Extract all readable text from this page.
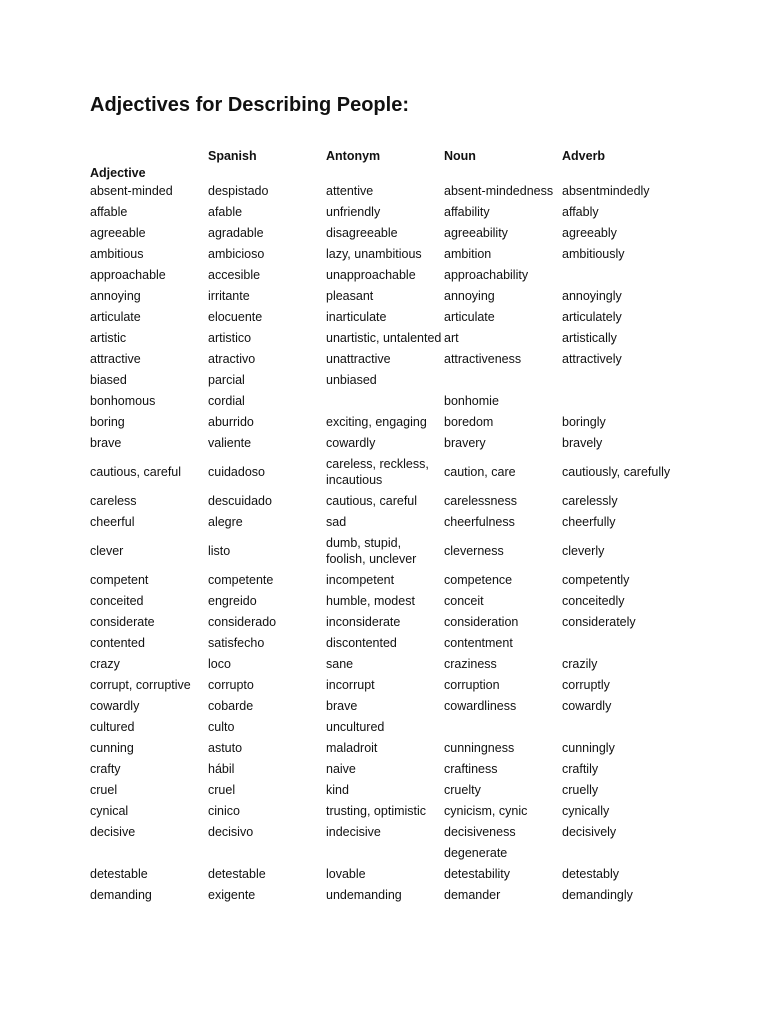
Adjectives for Describing People:
Adjective	Spanish	Antonym	Noun	Adverb
absent-minded	despistado	attentive	absent-mindedness	absentmindedly
affable	afable	unfriendly	affability	affably
agreeable	agradable	disagreeable	agreeability	agreeably
ambitious	ambicioso	lazy, unambitious	ambition	ambitiously
approachable	accesible	unapproachable	approachability	
annoying	irritante	pleasant	annoying	annoyingly
articulate	elocuente	inarticulate	articulate	articulately
artistic	artistico	unartistic, untalented	art	artistically
attractive	atractivo	unattractive	attractiveness	attractively
biased	parcial	unbiased		
bonhomous	cordial		bonhomie	
boring	aburrido	exciting, engaging	boredom	boringly
brave	valiente	cowardly	bravery	bravely
cautious, careful	cuidadoso	careless, reckless, incautious	caution, care	cautiously, carefully
careless	descuidado	cautious, careful	carelessness	carelessly
cheerful	alegre	sad	cheerfulness	cheerfully
clever	listo	dumb, stupid, foolish, unclever	cleverness	cleverly
competent	competente	incompetent	competence	competently
conceited	engreido	humble, modest	conceit	conceitedly
considerate	considerado	inconsiderate	consideration	considerately
contented	satisfecho	discontented	contentment	
crazy	loco	sane	craziness	crazily
corrupt, corruptive	corrupto	incorrupt	corruption	corruptly
cowardly	cobarde	brave	cowardliness	cowardly
cultured	culto	uncultured		
cunning	astuto	maladroit	cunningness	cunningly
crafty	hábil	naive	craftiness	craftily
cruel	cruel	kind	cruelty	cruelly
cynical	cinico	trusting, optimistic	cynicism, cynic	cynically
decisive	decisivo	indecisive	decisiveness	decisively
			degenerate	
detestable	detestable	lovable	detestability	detestably
demanding	exigente	undemanding	demander	demandingly
